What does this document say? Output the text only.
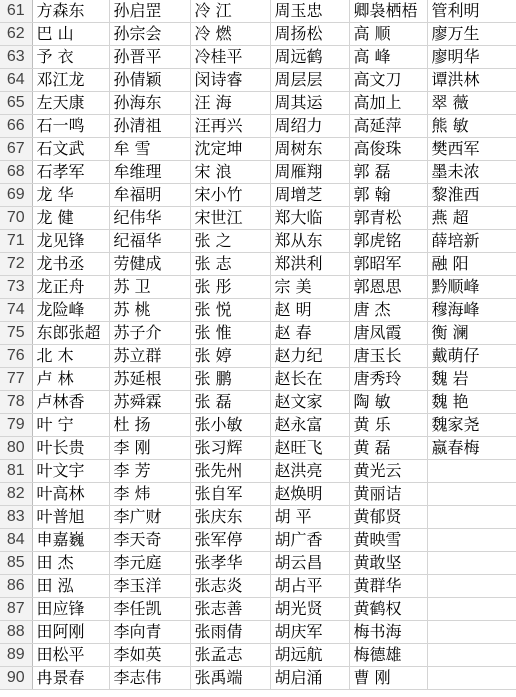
61	方森东	孙启罡	冷 江	周玉忠	卿袅栖梧	管利明
62	巴 山	孙宗会	冷 燃	周扬松	高 顺	廖万生
63	予 衣	孙晋平	冷桂平	周远鹤	高 峰	廖明华
64	邓江龙	孙倩颖	闵诗睿	周层层	高文刀	谭洪林
65	左天康	孙海东	汪 海	周其运	高加上	翠 薇
66	石一鸣	孙清祖	汪再兴	周绍力	高延萍	熊 敏
67	石文武	牟 雪	沈定坤	周树东	高俊珠	樊西军
68	石孝军	牟维理	宋 浪	周雁翔	郭 磊	墨未浓
69	龙 华	牟福明	宋小竹	周增芝	郭 翰	黎淮西
70	龙 健	纪伟华	宋世江	郑大临	郭青松	燕 超
71	龙见锋	纪福华	张 之	郑从东	郭虎铭	薛培新
72	龙书丞	劳健成	张 志	郑洪利	郭昭军	融 阳
73	龙正舟	苏 卫	张 彤	宗 美	郭恩思	黔顺峰
74	龙险峰	苏 桃	张 悦	赵 明	唐 杰	穆海峰
75	东郎张超	苏子介	张 惟	赵 春	唐凤霞	衡 澜
76	北 木	苏立群	张 婷	赵力纪	唐玉长	戴萌仔
77	卢 林	苏延根	张 鹏	赵长在	唐秀玲	魏 岩
78	卢林香	苏舜霖	张 磊	赵文家	陶 敏	魏 艳
79	叶 宁	杜 扬	张小敏	赵永富	黄 乐	魏家尧
80	叶长贵	李 刚	张习辉	赵旺飞	黄 磊	嬴春梅
81	叶文宇	李 芳	张先州	赵洪亮	黄光云	
82	叶高林	李 炜	张自军	赵焕明	黄丽诘	
83	叶普旭	李广财	张庆东	胡 平	黄郁贤	
84	申嘉巍	李天奇	张军停	胡广香	黄映雪	
85	田 杰	李元庭	张孝华	胡云昌	黄敢坚	
86	田 泓	李玉洋	张志炎	胡占平	黄群华	
87	田应锋	李任凯	张志善	胡光贤	黄鹤权	
88	田阿刚	李向青	张雨倩	胡庆军	梅书海	
89	田松平	李如英	张孟志	胡远航	梅德雄	
90	冉景春	李志伟	张禹端	胡启涌	曹 刚	
